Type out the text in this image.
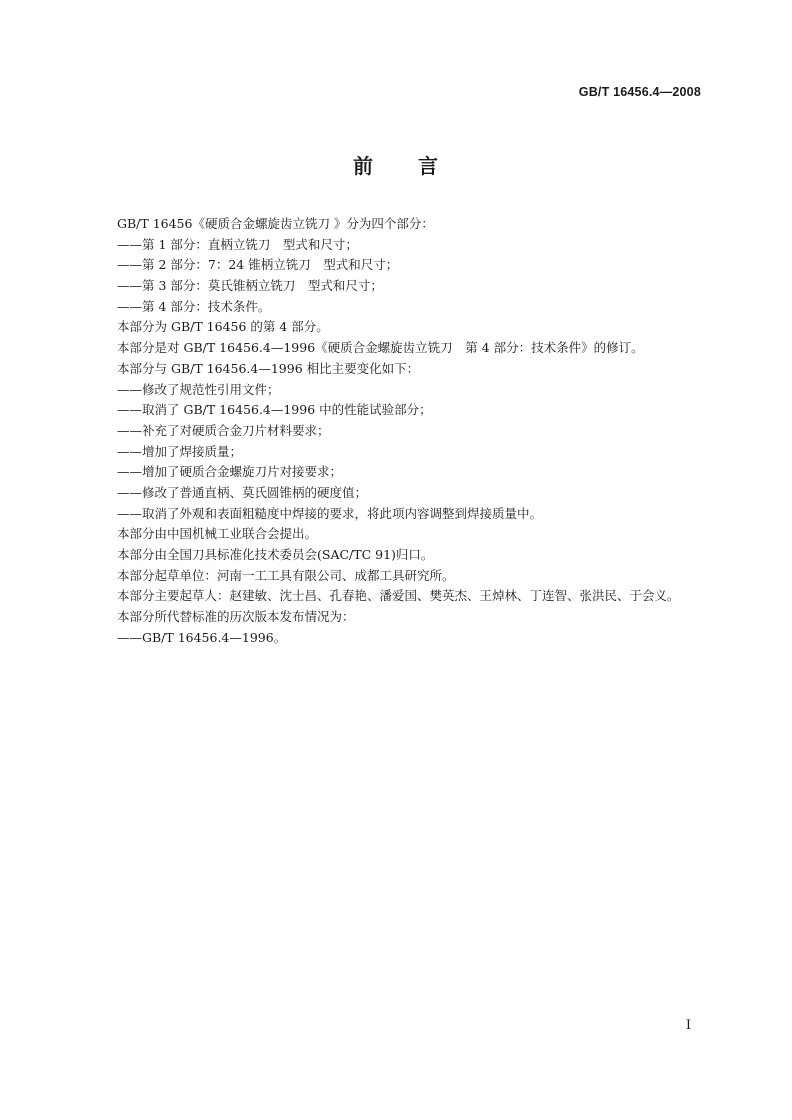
GB/T 16456.4—2008
前 言
GB/T 16456《硬质合金螺旋齿立铣刀 》分为四个部分：
——第 1 部分：直柄立铣刀　型式和尺寸；
——第 2 部分：7：24 锥柄立铣刀　型式和尺寸；
——第 3 部分：莫氏锥柄立铣刀　型式和尺寸；
——第 4 部分：技术条件。
本部分为 GB/T 16456 的第 4 部分。
本部分是对 GB/T 16456.4—1996《硬质合金螺旋齿立铣刀　第 4 部分：技术条件》的修订。
本部分与 GB/T 16456.4—1996 相比主要变化如下：
——修改了规范性引用文件；
——取消了 GB/T 16456.4—1996 中的性能试验部分；
——补充了对硬质合金刀片材料要求；
——增加了焊接质量；
——增加了硬质合金螺旋刀片对接要求；
——修改了普通直柄、莫氏圆锥柄的硬度值；
——取消了外观和表面粗糙度中焊接的要求，将此项内容调整到焊接质量中。
本部分由中国机械工业联合会提出。
本部分由全国刀具标准化技术委员会(SAC/TC 91)归口。
本部分起草单位：河南一工工具有限公司、成都工具研究所。
本部分主要起草人：赵建敏、沈士昌、孔春艳、潘爱国、樊英杰、王焯林、丁连智、张洪民、于会义。
本部分所代替标准的历次版本发布情况为：
——GB/T 16456.4—1996。
I
